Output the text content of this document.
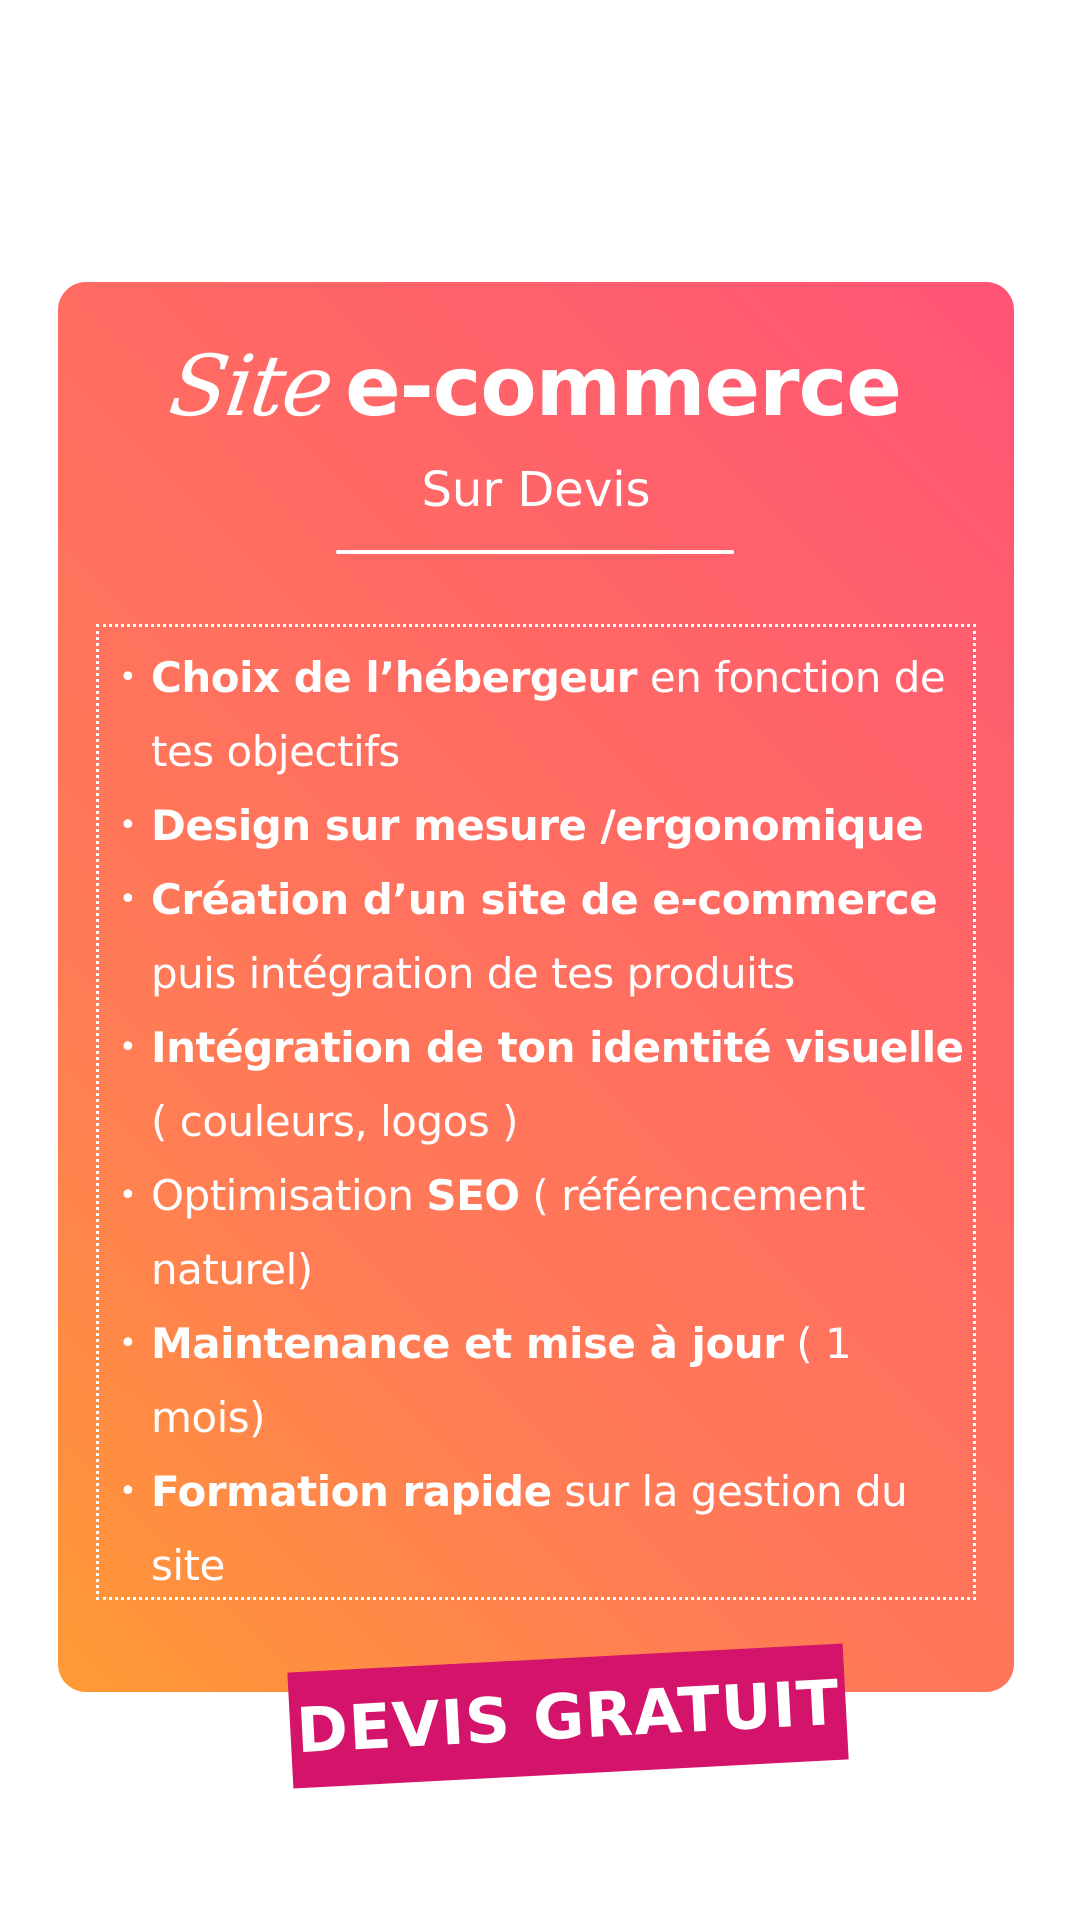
Sitee-commerce
Sur Devis
• Choix de l’hébergeur en fonction de tes objectifs
• Design sur mesure /ergonomique
• Création d’un site de e-commerce puis intégration de tes produits
• Intégration de ton identité visuelle ( couleurs, logos )
• Optimisation SEO ( référencement naturel)
• Maintenance et mise à jour ( 1 mois)
• Formation rapide sur la gestion du site
DEVIS GRATUIT
